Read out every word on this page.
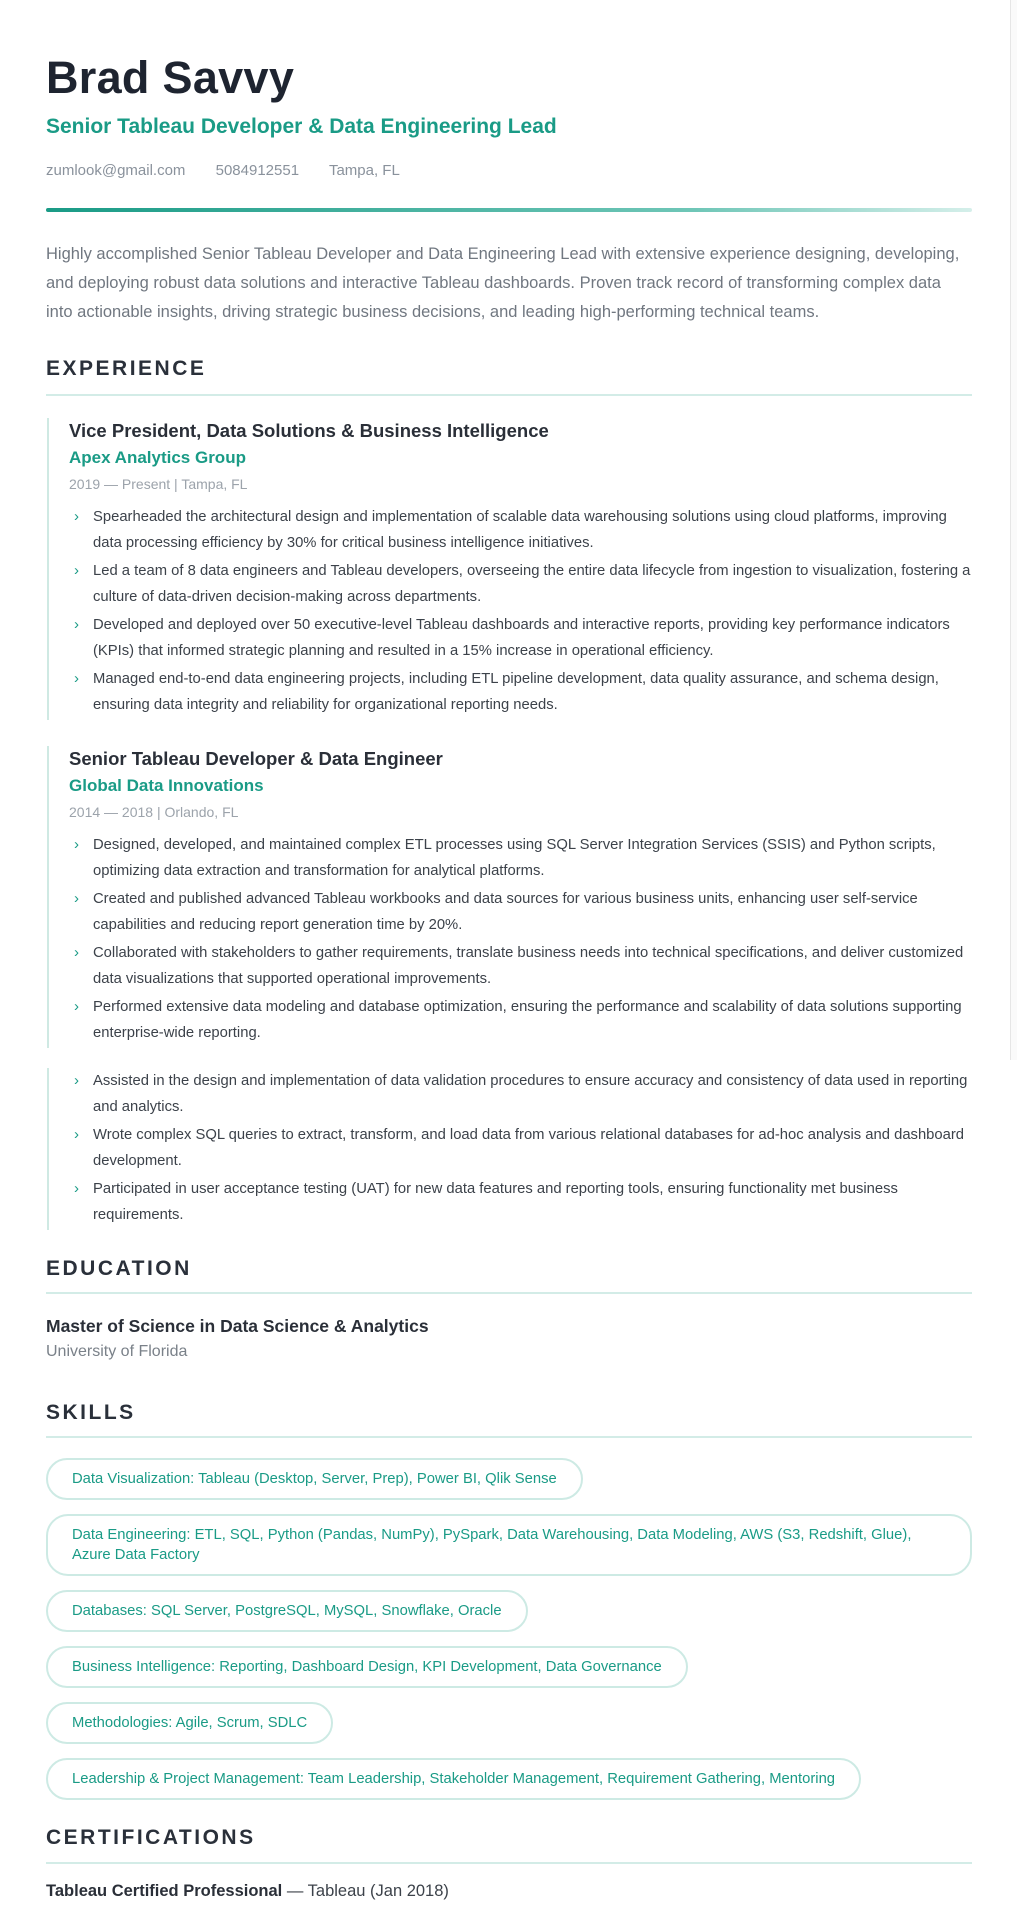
Brad Savvy
Senior Tableau Developer & Data Engineering Lead
zumlook@gmail.com 5084912551 Tampa, FL

Highly accomplished Senior Tableau Developer and Data Engineering Lead with extensive experience designing, developing, and deploying robust data solutions and interactive Tableau dashboards. Proven track record of transforming complex data into actionable insights, driving strategic business decisions, and leading high-performing technical teams.

EXPERIENCE
Vice President, Data Solutions & Business Intelligence
Apex Analytics Group
2019 — Present | Tampa, FL
› Spearheaded the architectural design and implementation of scalable data warehousing solutions using cloud platforms, improving data processing efficiency by 30% for critical business intelligence initiatives.
› Led a team of 8 data engineers and Tableau developers, overseeing the entire data lifecycle from ingestion to visualization, fostering a culture of data-driven decision-making across departments.
› Developed and deployed over 50 executive-level Tableau dashboards and interactive reports, providing key performance indicators (KPIs) that informed strategic planning and resulted in a 15% increase in operational efficiency.
› Managed end-to-end data engineering projects, including ETL pipeline development, data quality assurance, and schema design, ensuring data integrity and reliability for organizational reporting needs.
Senior Tableau Developer & Data Engineer
Global Data Innovations
2014 — 2018 | Orlando, FL
› Designed, developed, and maintained complex ETL processes using SQL Server Integration Services (SSIS) and Python scripts, optimizing data extraction and transformation for analytical platforms.
› Created and published advanced Tableau workbooks and data sources for various business units, enhancing user self-service capabilities and reducing report generation time by 20%.
› Collaborated with stakeholders to gather requirements, translate business needs into technical specifications, and deliver customized data visualizations that supported operational improvements.
› Performed extensive data modeling and database optimization, ensuring the performance and scalability of data solutions supporting enterprise-wide reporting.
› Assisted in the design and implementation of data validation procedures to ensure accuracy and consistency of data used in reporting and analytics.
› Wrote complex SQL queries to extract, transform, and load data from various relational databases for ad-hoc analysis and dashboard development.
› Participated in user acceptance testing (UAT) for new data features and reporting tools, ensuring functionality met business requirements.
EDUCATION
Master of Science in Data Science & Analytics
University of Florida
SKILLS
Data Visualization: Tableau (Desktop, Server, Prep), Power BI, Qlik Sense
Data Engineering: ETL, SQL, Python (Pandas, NumPy), PySpark, Data Warehousing, Data Modeling, AWS (S3, Redshift, Glue), Azure Data Factory
Databases: SQL Server, PostgreSQL, MySQL, Snowflake, Oracle
Business Intelligence: Reporting, Dashboard Design, KPI Development, Data Governance
Methodologies: Agile, Scrum, SDLC
Leadership & Project Management: Team Leadership, Stakeholder Management, Requirement Gathering, Mentoring
CERTIFICATIONS
Tableau Certified Professional — Tableau (Jan 2018)
